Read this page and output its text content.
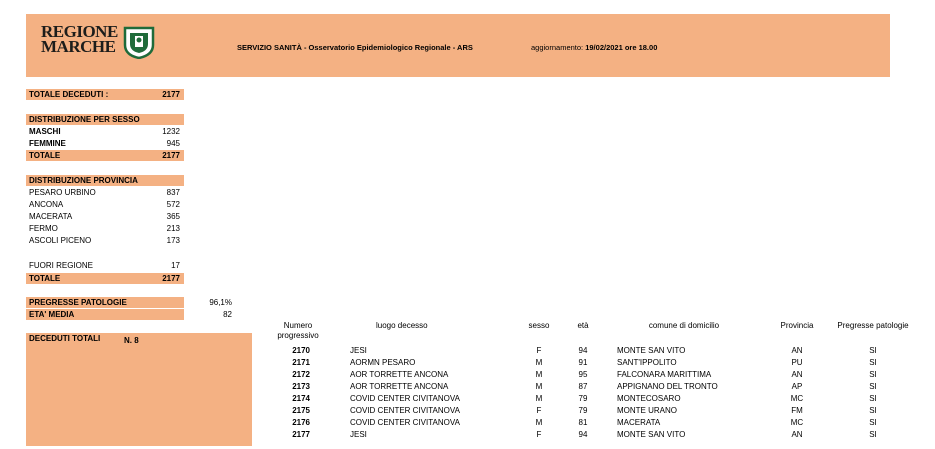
REGIONE
MARCHE	SERVIZIO SANITÀ - Osservatorio Epidemiologico Regionale - ARS	aggiornamento: 19/02/2021 ore 18.00
TOTALE DECEDUTI :	2177
DISTRIBUZIONE PER SESSO
MASCHI	1232
FEMMINE	945
TOTALE	2177
DISTRIBUZIONE PROVINCIA
PESARO URBINO	837
ANCONA	572
MACERATA	365
FERMO	213
ASCOLI PICENO	173
FUORI REGIONE	17
TOTALE	2177
PREGRESSE PATOLOGIE	96,1%
ETA' MEDIA	82
DECEDUTI TOTALI	N. 8
Numero
progressivo	luogo decesso	sesso	età	comune di domicilio	Provincia	Pregresse patologie
2170	JESI	F	94	MONTE SAN VITO	AN	SI
2171	AORMN PESARO	M	91	SANT'IPPOLITO	PU	SI
2172	AOR TORRETTE ANCONA	M	95	FALCONARA MARITTIMA	AN	SI
2173	AOR TORRETTE ANCONA	M	87	APPIGNANO DEL TRONTO	AP	SI
2174	COVID CENTER CIVITANOVA	M	79	MONTECOSARO	MC	SI
2175	COVID CENTER CIVITANOVA	F	79	MONTE URANO	FM	SI
2176	COVID CENTER CIVITANOVA	M	81	MACERATA	MC	SI
2177	JESI	F	94	MONTE SAN VITO	AN	SI
